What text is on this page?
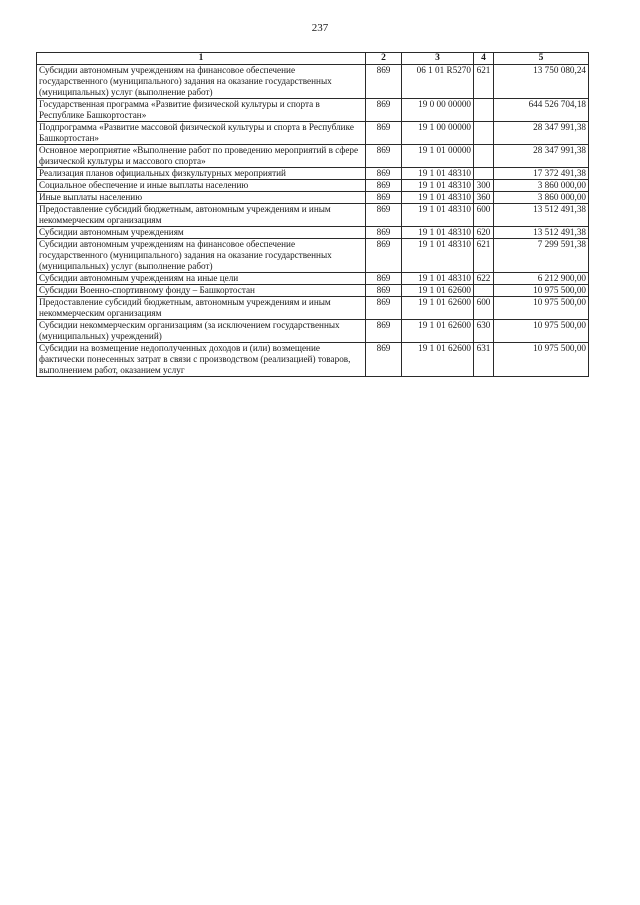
237
1	2	3	4	5
Субсидии автономным учреждениям на финансовое обеспечение государственного (муниципального) задания на оказание государственных (муниципальных) услуг (выполнение работ)	869	06 1 01 R5270	621	13 750 080,24
Государственная программа «Развитие физической культуры и спорта в Республике Башкортостан»	869	19 0 00 00000		644 526 704,18
Подпрограмма «Развитие массовой физической культуры и спорта в Республике Башкортостан»	869	19 1 00 00000		28 347 991,38
Основное мероприятие «Выполнение работ по проведению мероприятий в сфере физической культуры и массового спорта»	869	19 1 01 00000		28 347 991,38
Реализация планов официальных физкультурных мероприятий	869	19 1 01 48310		17 372 491,38
Социальное обеспечение и иные выплаты населению	869	19 1 01 48310	300	3 860 000,00
Иные выплаты населению	869	19 1 01 48310	360	3 860 000,00
Предоставление субсидий бюджетным, автономным учреждениям и иным некоммерческим организациям	869	19 1 01 48310	600	13 512 491,38
Субсидии автономным учреждениям	869	19 1 01 48310	620	13 512 491,38
Субсидии автономным учреждениям на финансовое обеспечение государственного (муниципального) задания на оказание государственных (муниципальных) услуг (выполнение работ)	869	19 1 01 48310	621	7 299 591,38
Субсидии автономным учреждениям на иные цели	869	19 1 01 48310	622	6 212 900,00
Субсидии Военно-спортивному фонду – Башкортостан	869	19 1 01 62600		10 975 500,00
Предоставление субсидий бюджетным, автономным учреждениям и иным некоммерческим организациям	869	19 1 01 62600	600	10 975 500,00
Субсидии некоммерческим организациям (за исключением государственных (муниципальных) учреждений)	869	19 1 01 62600	630	10 975 500,00
Субсидии на возмещение недополученных доходов и (или) возмещение фактически понесенных затрат в связи с производством (реализацией) товаров, выполнением работ, оказанием услуг	869	19 1 01 62600	631	10 975 500,00
